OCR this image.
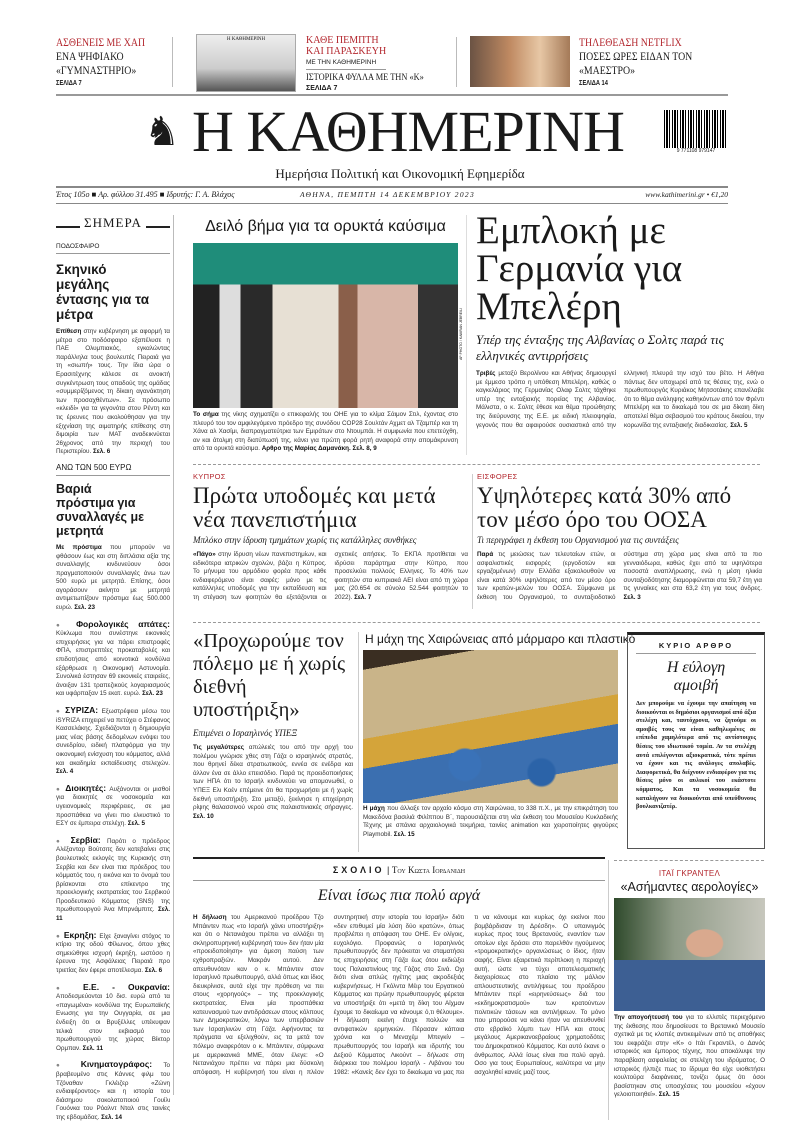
ΑΣΘΕΝΕΙΣ ΜΕ ΧΑΠ
ΕΝΑ ΨΗΦΙΑΚΟ «ΓΥΜΝΑΣΤΗΡΙΟ»
ΣΕΛΙΔΑ 7
Η ΚΑΘΗΜΕΡΙΝΗ	ΚΑΘΕ ΠΕΜΠΤΗ ΚΑΙ ΠΑΡΑΣΚΕΥΗ
ΜΕ ΤΗΝ ΚΑΘΗΜΕΡΙΝΗ
ΙΣΤΟΡΙΚΑ ΦΥΛΛΑ ΜΕ ΤΗΝ «Κ»
ΣΕΛΙΔΑ 7
ΤΗΛΕΘΕΑΣΗ NETFLIX
ΠΟΣΕΣ ΩΡΕΣ ΕΙΔΑΝ ΤΟΝ «ΜΑΕΣΤΡΟ»
ΣΕΛΙΔΑ 14
♞ Η ΚΑΘΗΜΕΡΙΝΗ	9 771108 979147
Ημερήσια Πολιτική και Οικονομική Εφημερίδα
Έτος 105ο ■ Αρ. φύλλου 31.495 ■ Ιδρυτής: Γ. Α. Βλάχος	ΑΘΗΝΑ, ΠΕΜΠΤΗ 14 ΔΕΚΕΜΒΡΙΟΥ 2023	www.kathimerini.gr • €1,20
ΣΗΜΕΡΑ
ΠΟΔΟΣΦΑΙΡΟ
Σκηνικό μεγάλης έντασης για τα μέτρα
Επίθεση στην κυβέρνηση με αφορμή τα μέτρα στο ποδόσφαιρο εξαπέλυσε η ΠΑΕ Ολυμπιακός, εγκαλώντας παράλληλα τους βουλευτές Πειραιά για τη «σιωπή» τους. Την ίδια ώρα ο Ερασιτέχνης κάλεσε σε ανοικτή συγκέντρωση τους οπαδούς της ομάδας «συμμερίζόμενος τη δίκαιη αγανάκτηση των προσαχθέντων». Σε πρόσωπο «κλειδί» για τα γεγονότα στου Ρέντη και τις έρευνες που ακολούθησαν για την εξιχνίαση της αιματηρής επίθεσης στη διμοιρία των ΜΑΤ αναδεικνύεται 26χρονος από την περιοχή του Περιστερίου. Σελ. 6
ΑΝΩ ΤΩΝ 500 ΕΥΡΩ
Βαριά πρόστιμα για συναλλαγές με μετρητά
Με πρόστιμα που μπορούν να φθάσουν έως και στη διπλάσια αξία της συναλλαγής κινδυνεύουν όσοι πραγματοποιούν συναλλαγές άνω των 500 ευρώ με μετρητά. Επίσης, όσοι αγοράσουν ακίνητο με μετρητά αντιμετωπίζουν πρόστιμα έως 500.000 ευρώ. Σελ. 23
● Φορολογικές απάτες: Κύκλωμα που συνέστηνε εικονικές επιχειρήσεις για να πάρει επιστροφές ΦΠΑ, επιστρεπτέες προκαταβολές και επιδοτήσεις από κοινοτικά κονδύλια εξάρθρωσε η Οικονομική Αστυνομία. Συνολικά έστησαν 69 εικονικές εταιρείες, άνοιξαν 131 τραπεζικούς λογαριασμούς και υφάρπαξαν 15 εκατ. ευρώ. Σελ. 23
● ΣΥΡΙΖΑ: Εξωστρέφεια μέσω του iSYRIZA επιχειρεί να πετύχει ο Στέφανος Κασσελάκης. Σχεδιάζονται η δημιουργία μιας νέας βάσης δεδομένων ενόψει του συνεδρίου, ειδική πλατφόρμα για την οικονομική ενίσχυση του κόμματος, αλλά και ακαδημία εκπαίδευσης στελεχών. Σελ. 4
● Διοικητές: Αυξάνονται οι μισθοί για διοικητές σε νοσοκομεία και υγειονομικές περιφέρειες, σε μια προσπάθεια να γίνει πιο ελκυστικό το ΕΣΥ σε έμπειρα στελέχη. Σελ. 5
● Σερβία: Παρότι ο πρόεδρος Αλέξανταρ Βούτσιτς δεν κατεβαίνει στις βουλευτικές εκλογές της Κυριακής στη Σερβία και δεν είναι πια πρόεδρος του κόμματός του, η εικόνα και το όνομά του βρίσκονται στο επίκεντρο της προεκλογικής εκστρατείας του Σερβικού Προοδευτικού Κόμματος (SNS) της πρωθυπουργού Άνα Μπρνάμπιτς. Σελ. 11
● Εκρηξη: Είχε ξαναγίνει στόχος το κτίριο της οδού Φίλωνος, όπου χθες σημειώθηκε ισχυρή έκρηξη, ωστόσο η έρευνα της Ασφάλειας Πειραιά προ τριετίας δεν έφερε αποτέλεσμα. Σελ. 6
● Ε.Ε. - Ουκρανία: Αποδεσμεύονται 10 δισ. ευρώ από τα «παγωμένα» κονδύλια της Ευρωπαϊκής Ενωσης για την Ουγγαρία, σε μια ένδειξη ότι οι Βρυξέλλες υπέκυψαν τελικά στον εκβιασμό του πρωθυπουργού της χώρας Βίκτορ Ορμπαν. Σελ. 11
● Κινηματογράφος: Το βραβευμένο στις Κάννες φιλμ του Τζόναθαν Γκλέιζερ «Ζώνη ενδιαφέροντος» και η ιστορία του διάσημου σοκολατοποιού Γουίλι Γουόνκα του Ρόαλντ Νταλ στις ταινίες της εβδομάδας. Σελ. 14
Δειλό βήμα για τα ορυκτά καύσιμα
AP PHOTO / KAMRAN JEBREILI
Το σήμα της νίκης σχηματίζει ο επικεφαλής του ΟΗΕ για το κλίμα Σάιμον Στιλ, έχοντας στο πλευρό του τον αμφιλεγόμενο πρόεδρο της συνόδου COP28 Σουλτάν Αχμετ αλ Τζαμπέρ και τη Χάνα αλ Χασίμι, διαπραγματεύτρια των Εμιράτων στο Ντουμπάι. Η συμφωνία που επετεύχθη, αν και άτολμη στη διατύπωσή της, κάνει για πρώτη φορά ρητή αναφορά στην απομάκρυνση από τα ορυκτά καύσιμα. Αρθρο της Μαρίας Δαμανάκη. Σελ. 8, 9
Εμπλοκή με Γερμανία για Μπελέρη
Υπέρ της ένταξης της Αλβανίας ο Σολτς παρά τις ελληνικές αντιρρήσεις
Τριβές μεταξύ Βερολίνου και Αθήνας δημιουργεί με έμμεσο τρόπο η υπόθεση Μπελέρη, καθώς ο καγκελάριος της Γερμανίας Ολαφ Σολτς τάχθηκε υπέρ της ενταξιακής πορείας της Αλβανίας. Μάλιστα, ο κ. Σολτς έθεσε και θέμα προώθησης της διεύρυνσης της Ε.Ε. με ειδική πλειοψηφία, γεγονός που θα αφαιρούσε ουσιαστικά από την ελληνική πλευρά την ισχύ του βέτο. Η Αθήνα πάντως δεν υποχωρεί από τις θέσεις της, ενώ ο πρωθυπουργός Κυριάκος Μητσοτάκης επανέλαβε ότι το θέμα ανάληψης καθηκόντων από τον Φρέντι Μπελέρη και το δικαίωμά του σε μια δίκαιη δίκη αποτελεί θέμα σεβασμού του κράτους δικαίου, την κορωνίδα της ενταξιακής διαδικασίας. Σελ. 5
ΚΥΠΡΟΣ
Πρώτα υποδομές και μετά νέα πανεπιστήμια
Μπλόκο στην ίδρυση τμημάτων χωρίς τις κατάλληλες συνθήκες
«Πάγο» στην ίδρυση νέων πανεπιστημίων, και ειδικότερα ιατρικών σχολών, βάζει η Κύπρος. Το μήνυμα του αρμόδιου φορέα προς κάθε ενδιαφερόμενο είναι σαφές: μόνο με τις κατάλληλες υποδομές για την εκπαίδευση και τη στέγαση των φοιτητών θα εξετάζονται οι σχετικές αιτήσεις. Το ΕΚΠΑ προτίθεται να ιδρύσει παράρτημα στην Κύπρο, που προσελκύει πολλούς Ελληνες. Το 40% των φοιτητών στα κυπριακά ΑΕΙ είναι από τη χώρα μας (20.654 σε σύνολο 52.544 φοιτητών το 2022). Σελ. 7
ΕΙΣΦΟΡΕΣ
Υψηλότερες κατά 30% από τον μέσο όρο του ΟΟΣΑ
Τι περιγράφει η έκθεση του Οργανισμού για τις συντάξεις
Παρά τις μειώσεις των τελευταίων ετών, οι ασφαλιστικές εισφορές (εργοδοτών και εργαζομένων) στην Ελλάδα εξακολουθούν να είναι κατά 30% υψηλότερες από τον μέσο όρο των κρατών-μελών του ΟΟΣΑ. Σύμφωνα με έκθεση του Οργανισμού, το συνταξιοδοτικό σύστημα στη χώρα μας είναι από τα πιο γενναιόδωρα, καθώς έχει από τα υψηλότερα ποσοστά αναπλήρωσης, ενώ η μέση ηλικία συνταξιοδότησης διαμορφώνεται στα 59,7 έτη για τις γυναίκες και στα 63,2 έτη για τους άνδρες. Σελ. 3
«Προχωρούμε τον πόλεμο με ή χωρίς διεθνή υποστήριξη»
Επιμένει ο Ισραηλινός ΥΠΕΞ
Τις μεγαλύτερες απώλειές του από την αρχή του πολέμου γνώρισε χθες στη Γάζα ο ισραηλινός στρατός, που θρηνεί δέκα στρατιωτικούς, εννέα σε ενέδρα και άλλον ένα σε άλλο επεισόδιο. Παρά τις προειδοποιήσεις των ΗΠΑ ότι το Ισραήλ κινδυνεύει να απομονωθεί, ο ΥΠΕΞ Ελι Κοέν επέμεινε ότι θα προχωρήσει με ή χωρίς διεθνή υποστήριξη. Στο μεταξύ, ξεκίνησε η επιχείρηση ρίψης θαλασσινού νερού στις παλαιστινιακές σήραγγες. Σελ. 10
Η μάχη της Χαιρώνειας από μάρμαρο και πλαστικό
Η μάχη που άλλαξε τον αρχαίο κόσμο στη Χαιρώνεια, το 338 π.Χ., με την επικράτηση του Μακεδόνα βασιλιά Φιλίππου Β΄, παρουσιάζεται στη νέα έκθεση του Μουσείου Κυκλαδικής Τέχνης με σπάνια αρχαιολογικά τεκμήρια, ταινίες animation και χειροποίητες φιγούρες Playmobil. Σελ. 15
ΚΥΡΙΟ ΑΡΘΡΟ
Η εύλογη αμοιβή
Δεν μπορούμε να έχουμε την απαίτηση να διοικούνται οι δημόσιοι οργανισμοί από άξια στελέχη και, ταυτόχρονα, να ζητούμε οι αμοιβές τους να είναι καθηλωμένες σε επίπεδα χαμηλότερα από τις αντίστοιχες θέσεις του ιδιωτικού τομέα. Αν τα στελέχη αυτά επιλέγονται αξιοκρατικά, τότε πρέπει να έχουν και τις ανάλογες απολαβές. Διαφορετικά, θα δείχνουν ενδιαφέρον για τις θέσεις μόνο οι αυλικοί του εκάστοτε κόμματος. Και τα νοσοκομεία θα καταλήγουν να διοικούνται από υπεύθυνους βουλκανιζατέρ.
ΣΧΟΛΙΟ | Του Κωστα Ιορδανιδη
Είναι ίσως πια πολύ αργά
Η δήλωση του Αμερικανού προέδρου Τζο Μπάιντεν πως «το Ισραήλ χάνει υποστήριξη» και ότι ο Νετανιάχου πρέπει να αλλάξει τη σκληροπυρηνική κυβέρνησή του» δεν ήταν μία «προειδοποίηση» για άμεση παύση των εχθροπραξιών. Μακράν αυτού. Δεν απευθυνόταν καν ο κ. Μπάιντεν στον Ισραηλινό πρωθυπουργό, αλλά όπως και ίδιος διευκρίνισε, αυτά είχε την πρόθεση να πει στους «χορηγούς» – της προεκλογικής εκστρατείας. Είναι μία προσπάθεια κατευνασμού των αντιδράσεων στους κόλπους των Δημοκρατικών, λόγω των υπερβασιών των Ισραηλινών στη Γάζα. Αφήνοντας τα πράγματα να εξελιχθούν, εις τα μετά τον πόλεμο αναφερόταν ο κ. Μπάιντεν, σύμφωνα με αμερικανικά ΜΜΕ, όταν έλεγε: «Ο Νετανιάχου πρέπει να πάρει μια δύσκολη απόφαση. Η κυβέρνησή του είναι η πλέον συντηρητική στην ιστορία του Ισραήλ» διότι «δεν επιθυμεί μία λύση δύο κρατών», όπως προβλέπει η απόφαση του ΟΗΕ. Εν ολίγοις, ευχολόγιο. Προφανώς ο Ισραηλινός πρωθυπουργός δεν πρόκειται να σταματήσει τις επιχειρήσεις στη Γάζα έως ότου εκδιώξει τους Παλαιστινίους της Γάζας στο Σινά. Οχι διότι είναι απλώς ηγέτης μιας ακροδεξιάς κυβερνήσεως. Η Γκόλντα Μέιρ του Εργατικού Κόμματος και πρώην πρωθυπουργός φέρεται να υποστήριξε ότι «μετά τη δίκη του Αϊχμαν έχουμε το δικαίωμα να κάνουμε ό,τι θέλουμε». Η δήλωση εκείνη έτυχε πολλών και αντιφατικών ερμηνειών. Πέρασαν κάποια χρόνια και ο Μεναχέμ Μπεγκίν – πρωθυπουργός του Ισραήλ και ιδρυτής του Δεξιού Κόμματος Λικούντ – δήλωσε στη διάρκεια του πολέμου Ισραήλ - Λιβάνου του 1982: «Κανείς δεν έχει το δικαίωμα να μας πει τι να κάνουμε και κυρίως όχι εκείνοι που βομβάρδισαν τη Δρέσδη». Ο υπαινιγμός κυρίως προς τους Βρετανούς, εναντίον των οποίων είχε δράσει στο παρελθόν ηγούμενος «τρομοκρατικής» οργανώσεως ο ίδιος, ήταν σαφής. Είναι εξαιρετικά περίπλοκη η περιοχή αυτή, ώστε να τύχει αποτελεσματικής διαχειρίσεως στο πλαίσιο της μάλλον απλουστευτικής αντιλήψεως του προέδρου Μπάιντεν περί «ειρηνεύσεως» διά του «εκδημοκρατισμού» των κρατούντων πολιτικών τάσεων και αντιλήψεων. Το μόνο που μπορούσε να κάνει ήταν να απευθυνθεί στο εβραϊκό λόμπι των ΗΠΑ και στους μεγάλους Αμερικανοεβραίους χρηματοδότες του Δημοκρατικού Κόμματος. Και αυτό έκανε ο άνθρωπος. Αλλά ίσως είναι πια πολύ αργά. Οσο για τους Ευρωπαίους, καλύτερα να μην ασχοληθεί κανείς μαζί τους.
ΙΤΑΪ ΓΚΡΑΝΤΕΛ
«Ασήμαντες αερολογίες»
Την απογοήτευσή του για το ελλιπές περιεχόμενο της έκθεσης που δημοσίευσε το Βρετανικό Μουσείο σχετικά με τις κλοπές αντικειμένων από τις αποθήκες του εκφράζει στην «Κ» ο Ιτάι Γκραντέλ, ο Δανός ιστορικός και έμπορος τέχνης, που αποκάλυψε την παραβίαση ασφαλείας σε στελέχη του ιδρύματος. Ο ιστορικός ήλπιζε πως το ίδρυμα θα είχε υιοθετήσει κουλτούρα διαφάνειας, τονίζει όμως ότι όσοι βασίστηκαν στις υποσχέσεις του μουσείου «έχουν γελοιοποιηθεί». Σελ. 15
